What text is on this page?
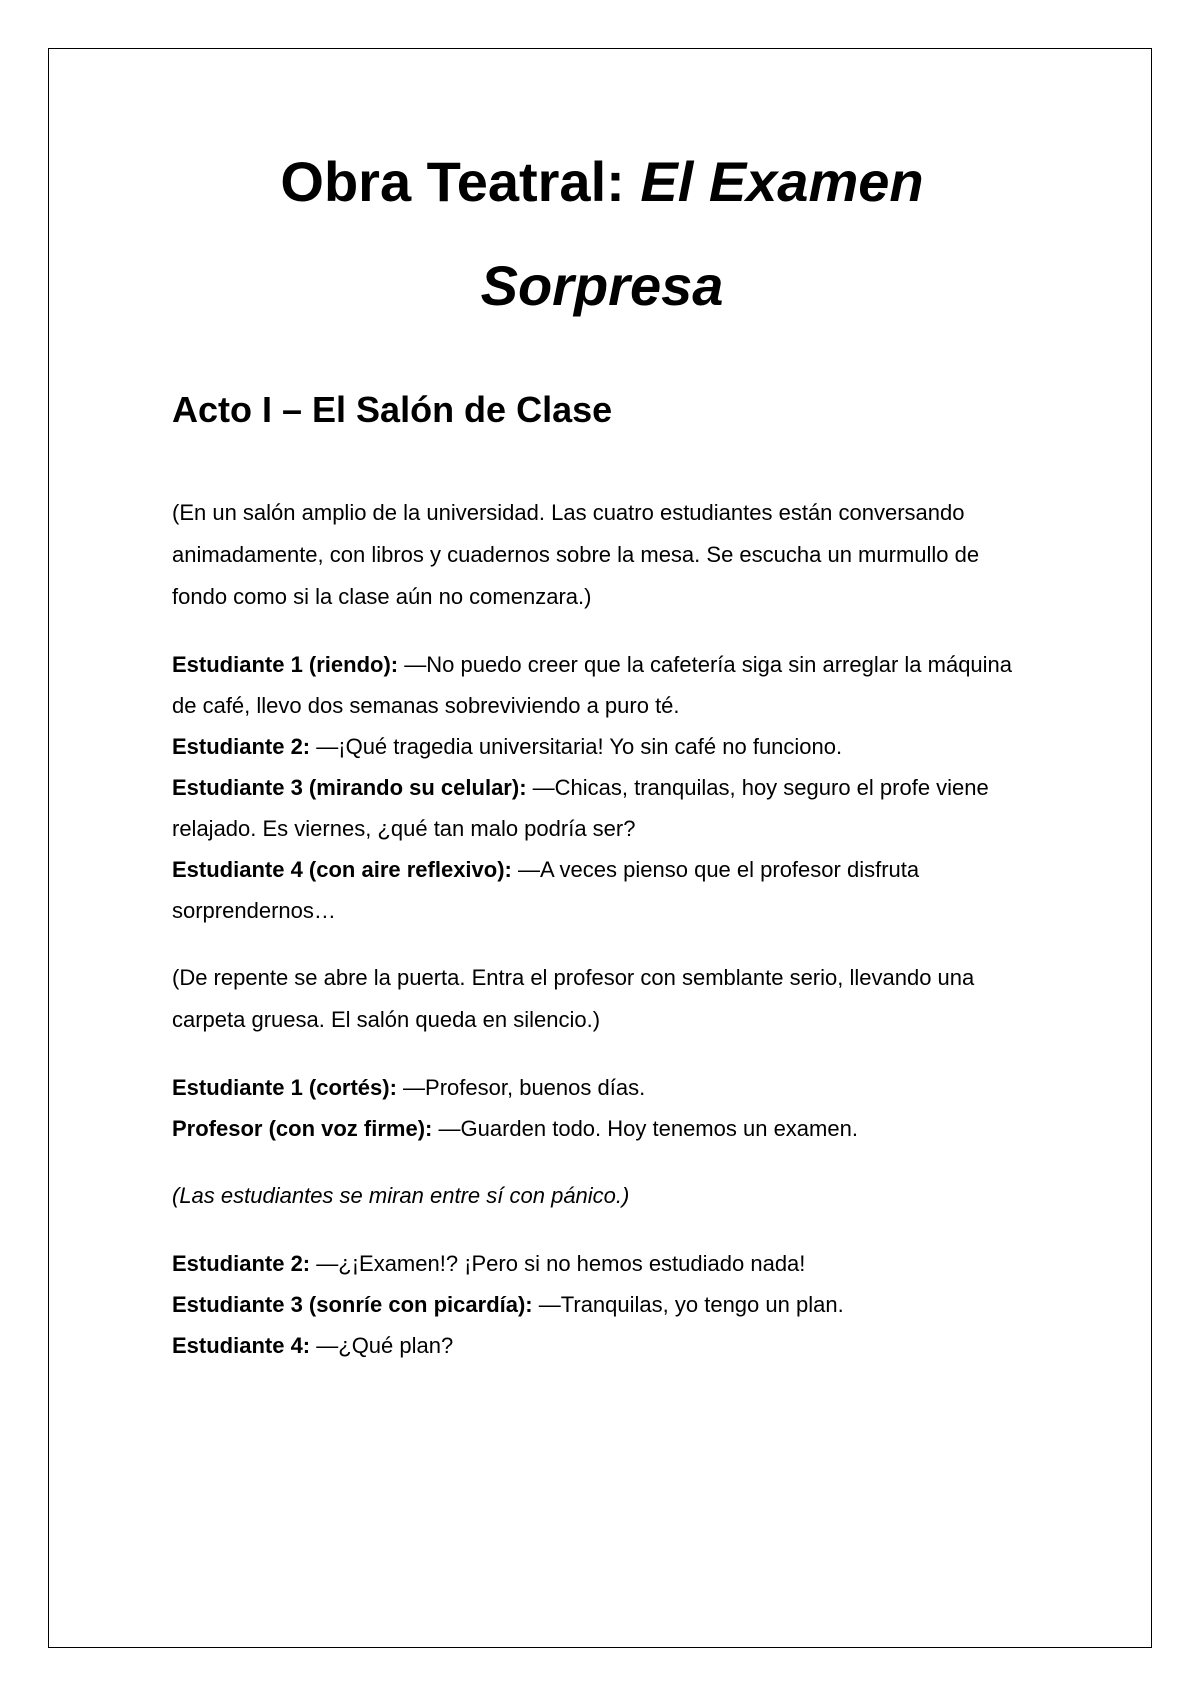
Obra Teatral: El Examen Sorpresa
Acto I – El Salón de Clase

(En un salón amplio de la universidad. Las cuatro estudiantes están conversando animadamente, con libros y cuadernos sobre la mesa. Se escucha un murmullo de fondo como si la clase aún no comenzara.)

Estudiante 1 (riendo): —No puedo creer que la cafetería siga sin arreglar la máquina de café, llevo dos semanas sobreviviendo a puro té.

Estudiante 2: —¡Qué tragedia universitaria! Yo sin café no funciono.

Estudiante 3 (mirando su celular): —Chicas, tranquilas, hoy seguro el profe viene relajado. Es viernes, ¿qué tan malo podría ser?

Estudiante 4 (con aire reflexivo): —A veces pienso que el profesor disfruta sorprendernos…

(De repente se abre la puerta. Entra el profesor con semblante serio, llevando una carpeta gruesa. El salón queda en silencio.)

Estudiante 1 (cortés): —Profesor, buenos días.

Profesor (con voz firme): —Guarden todo. Hoy tenemos un examen.

(Las estudiantes se miran entre sí con pánico.)

Estudiante 2: —¿¡Examen!? ¡Pero si no hemos estudiado nada!

Estudiante 3 (sonríe con picardía): —Tranquilas, yo tengo un plan.

Estudiante 4: —¿Qué plan?
